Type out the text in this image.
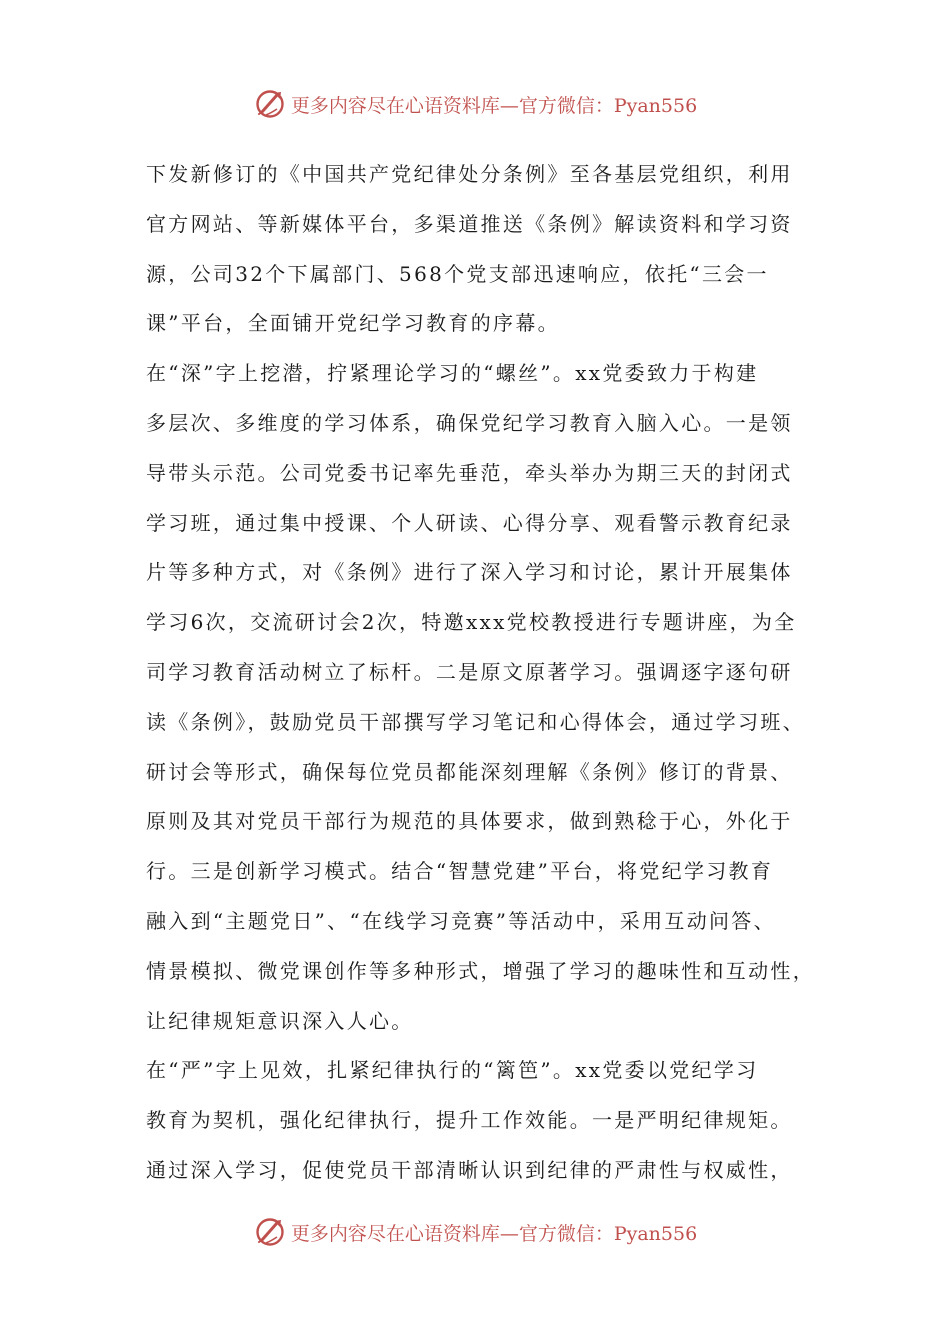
更多内容尽在心语资料库—官方微信：Pyan556
下发新修订的《中国共产党纪律处分条例》至各基层党组织，利用
官方网站、等新媒体平台，多渠道推送《条例》解读资料和学习资
源，公司32个下属部门、568个党支部迅速响应，依托“三会一
课”平台，全面铺开党纪学习教育的序幕。
在“深”字上挖潜，拧紧理论学习的“螺丝”。xx党委致力于构建
多层次、多维度的学习体系，确保党纪学习教育入脑入心。一是领
导带头示范。公司党委书记率先垂范，牵头举办为期三天的封闭式
学习班，通过集中授课、个人研读、心得分享、观看警示教育纪录
片等多种方式，对《条例》进行了深入学习和讨论，累计开展集体
学习6次，交流研讨会2次，特邀xxx党校教授进行专题讲座，为全
司学习教育活动树立了标杆。二是原文原著学习。强调逐字逐句研
读《条例》，鼓励党员干部撰写学习笔记和心得体会，通过学习班、
研讨会等形式，确保每位党员都能深刻理解《条例》修订的背景、
原则及其对党员干部行为规范的具体要求，做到熟稔于心，外化于
行。三是创新学习模式。结合“智慧党建”平台，将党纪学习教育
融入到“主题党日”、“在线学习竞赛”等活动中，采用互动问答、
情景模拟、微党课创作等多种形式，增强了学习的趣味性和互动性，
让纪律规矩意识深入人心。
在“严”字上见效，扎紧纪律执行的“篱笆”。xx党委以党纪学习
教育为契机，强化纪律执行，提升工作效能。一是严明纪律规矩。
通过深入学习，促使党员干部清晰认识到纪律的严肃性与权威性，
更多内容尽在心语资料库—官方微信：Pyan556
